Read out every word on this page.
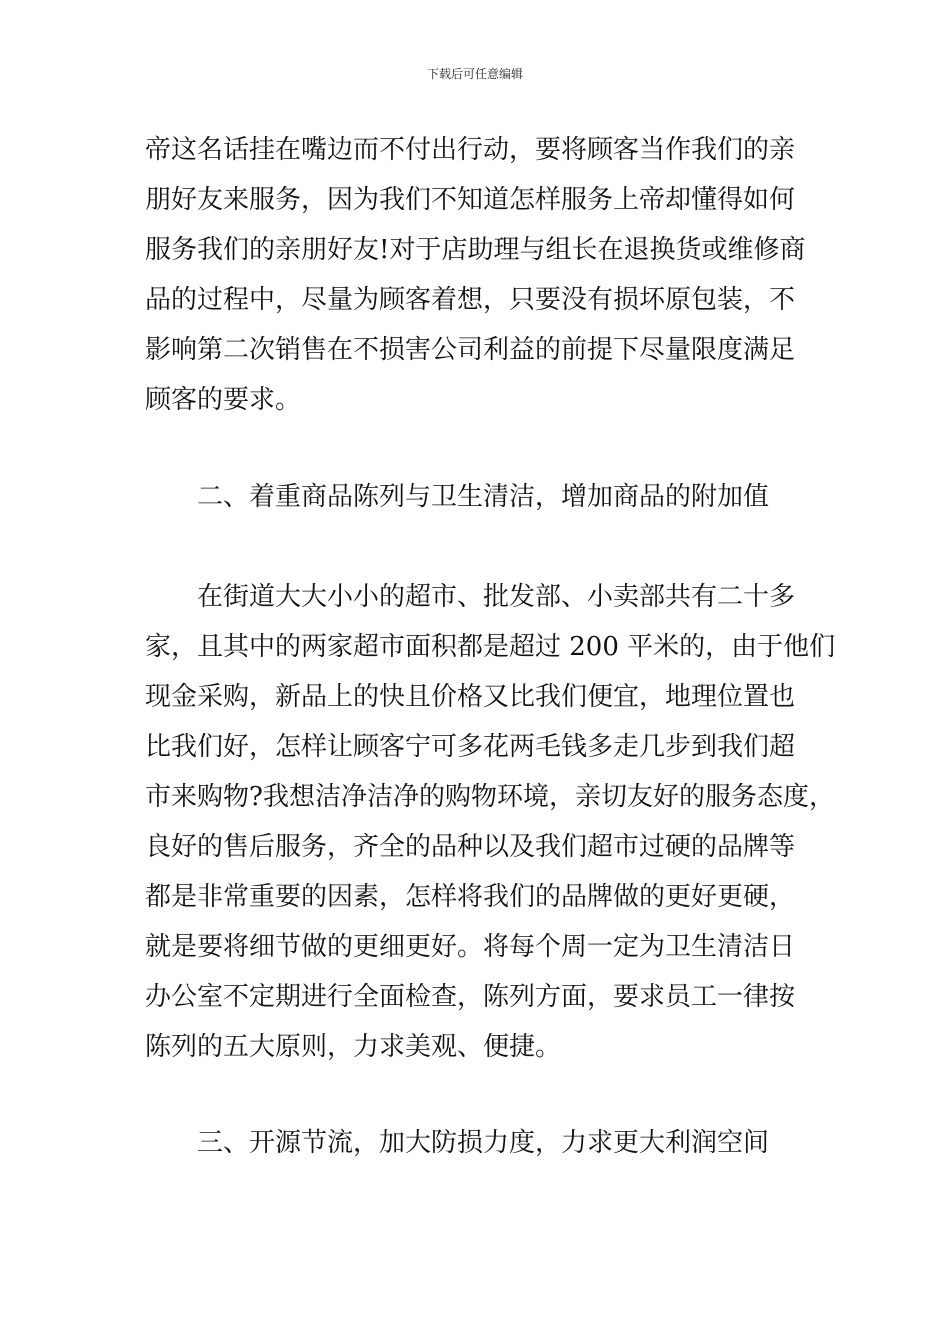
下载后可任意编辑
帝这名话挂在嘴边而不付出行动，要将顾客当作我们的亲
朋好友来服务，因为我们不知道怎样服务上帝却懂得如何
服务我们的亲朋好友!对于店助理与组长在退换货或维修商
品的过程中，尽量为顾客着想，只要没有损坏原包装，不
影响第二次销售在不损害公司利益的前提下尽量限度满足
顾客的要求。
二、着重商品陈列与卫生清洁，增加商品的附加值
在街道大大小小的超市、批发部、小卖部共有二十多
家，且其中的两家超市面积都是超过 200 平米的，由于他们
现金采购，新品上的快且价格又比我们便宜，地理位置也
比我们好，怎样让顾客宁可多花两毛钱多走几步到我们超
市来购物?我想洁净洁净的购物环境，亲切友好的服务态度，
良好的售后服务，齐全的品种以及我们超市过硬的品牌等
都是非常重要的因素，怎样将我们的品牌做的更好更硬，
就是要将细节做的更细更好。将每个周一定为卫生清洁日
办公室不定期进行全面检查，陈列方面，要求员工一律按
陈列的五大原则，力求美观、便捷。
三、开源节流，加大防损力度，力求更大利润空间
